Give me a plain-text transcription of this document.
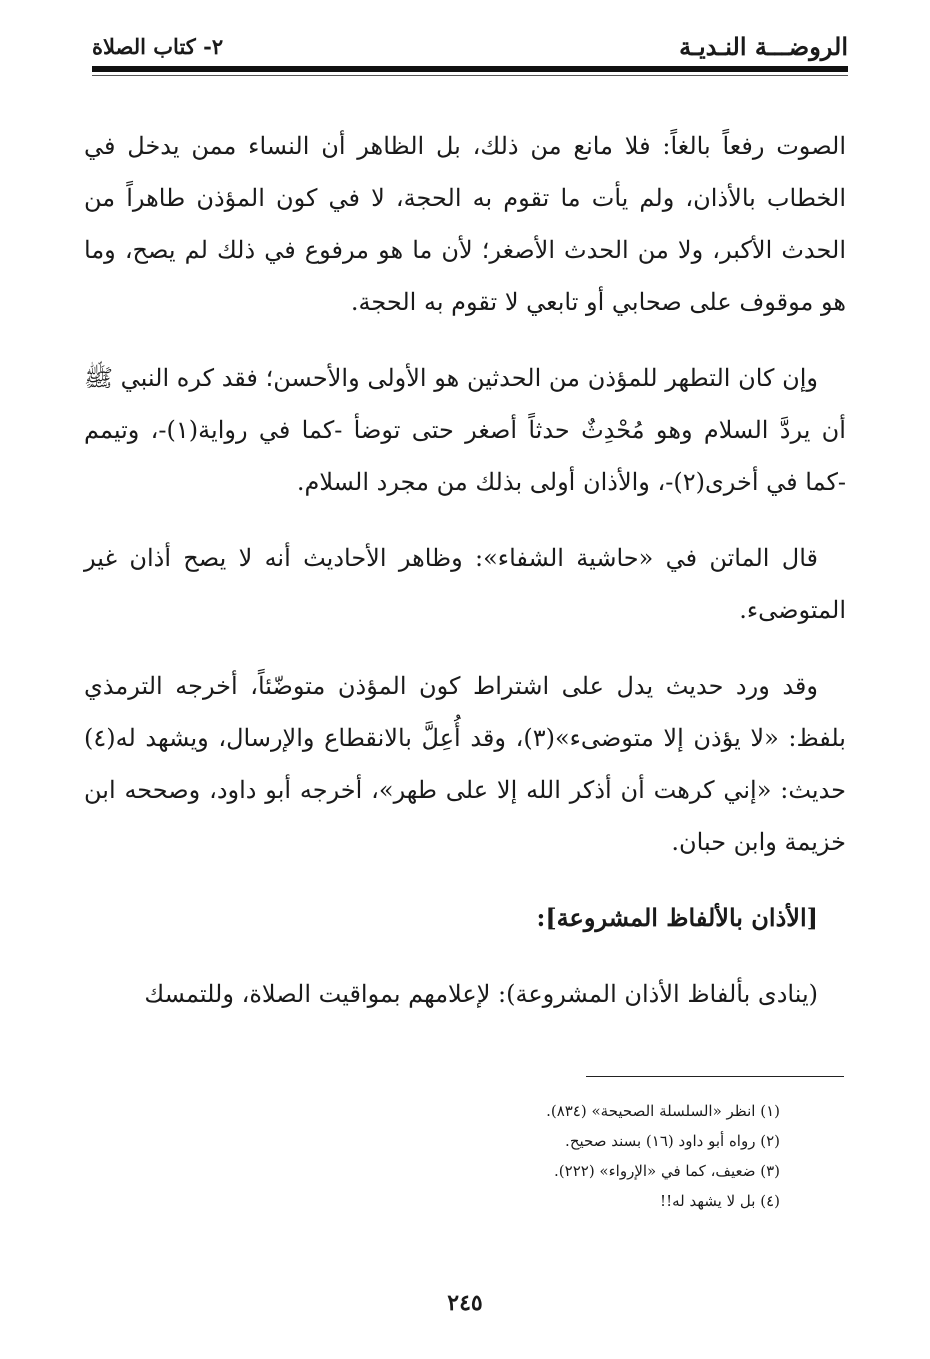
الروضـــة النـديـة
٢- كتاب الصلاة

الصوت رفعاً بالغاً: فلا مانع من ذلك، بل الظاهر أن النساء ممن يدخل في الخطاب بالأذان، ولم يأت ما تقوم به الحجة، لا في كون المؤذن طاهراً من الحدث الأكبر، ولا من الحدث الأصغر؛ لأن ما هو مرفوع في ذلك لم يصح، وما هو موقوف على صحابي أو تابعي لا تقوم به الحجة.

وإن كان التطهر للمؤذن من الحدثين هو الأولى والأحسن؛ فقد كره النبي ﷺ أن يردَّ السلام وهو مُحْدِثٌ حدثاً أصغر حتى توضأ -كما في رواية(١)-، وتيمم -كما في أخرى(٢)-، والأذان أولى بذلك من مجرد السلام.

قال الماتن في «حاشية الشفاء»: وظاهر الأحاديث أنه لا يصح أذان غير المتوضىء.

وقد ورد حديث يدل على اشتراط كون المؤذن متوضّئاً، أخرجه الترمذي بلفظ: «لا يؤذن إلا متوضىء»(٣)، وقد أُعِلَّ بالانقطاع والإرسال، ويشهد له(٤) حديث: «إني كرهت أن أذكر الله إلا على طهر»، أخرجه أبو داود، وصححه ابن خزيمة وابن حبان.

[الأذان بالألفاظ المشروعة]:

(ينادى بألفاظ الأذان المشروعة): لإعلامهم بمواقيت الصلاة، وللتمسك

(١) انظر «السلسلة الصحيحة» (٨٣٤).
(٢) رواه أبو داود (١٦) بسند صحيح.
(٣) ضعيف، كما في «الإرواء» (٢٢٢).
(٤) بل لا يشهد له!!
٢٤٥
